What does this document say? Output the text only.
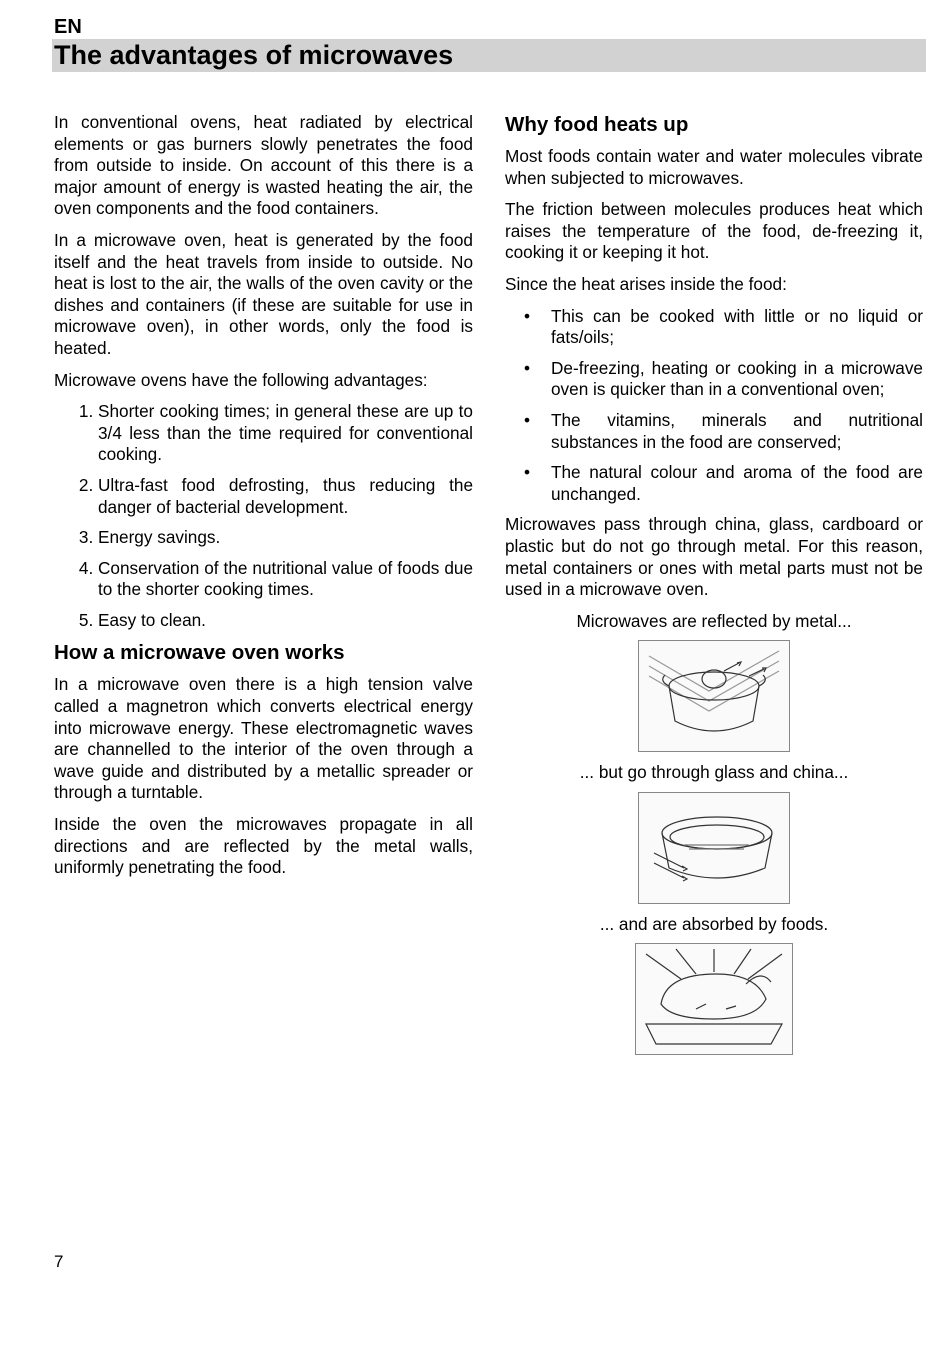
EN
The advantages of microwaves

In conventional ovens, heat radiated by electrical elements or gas burners slowly penetrates the food from outside to inside. On account of this there is a major amount of energy is wasted heating the air, the oven components and the food containers.

In a microwave oven, heat is generated by the food itself and the heat travels from inside to outside. No heat is lost to the air, the walls of the oven cavity or the dishes and containers (if these are suitable for use in microwave oven), in other words, only the food is heated.

Microwave ovens have the following advantages:

1. Shorter cooking times; in general these are up to 3/4 less than the time required for conventional cooking.
2. Ultra-fast food defrosting, thus reducing the danger of bacterial development.
3. Energy savings.
4. Conservation of the nutritional value of foods due to the shorter cooking times.
5. Easy to clean.
How a microwave oven works

In a microwave oven there is a high tension valve called a magnetron which converts electrical energy into microwave energy. These electromagnetic waves are channelled to the interior of the oven through a wave guide and distributed by a metallic spreader or through a turntable.

Inside the oven the microwaves propagate in all directions and are reflected by the metal walls, uniformly penetrating the food.

Why food heats up

Most foods contain water and water molecules vibrate when subjected to microwaves.

The friction between molecules produces heat which raises the temperature of the food, de-freezing it, cooking it or keeping it hot.

Since the heat arises inside the food:

• This can be cooked with little or no liquid or fats/oils;
• De-freezing, heating or cooking in a microwave oven is quicker than in a conventional oven;
• The vitamins, minerals and nutritional substances in the food are conserved;
• The natural colour and aroma of the food are unchanged.

Microwaves pass through china, glass, cardboard or plastic but do not go through metal. For this reason, metal containers or ones with metal parts must not be used in a microwave oven.

Microwaves are reflected by metal...

... but go through glass and china...

... and are absorbed by foods.

7
